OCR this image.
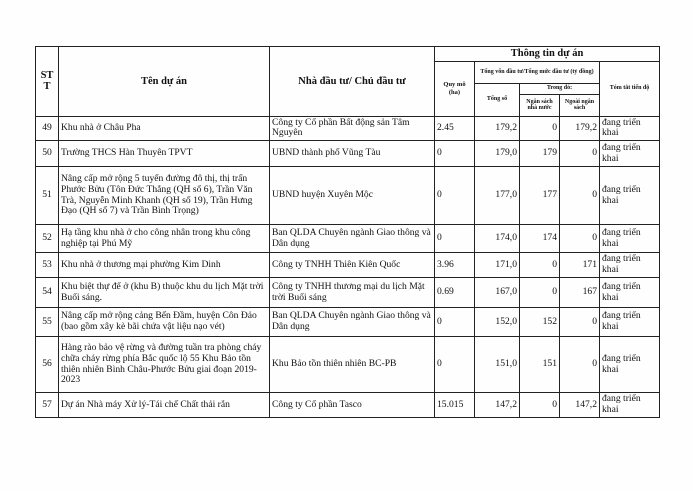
ST T	Tên dự án	Nhà đầu tư/ Chủ đầu tư	Thông tin dự án				
			Quy mô (ha)	Tổng vốn đầu tư/Tổng mức đầu tư (tỷ đồng)			Tóm tắt tiến độ
				Tổng số	Trong đó:		
					Ngân sách nhà nước	Ngoài ngân sách	
49	Khu nhà ở Châu Pha	Công ty Cổ phần Bất động sản Tâm Nguyên	2.45	179,2	0	179,2	đang triển khai
50	Trường THCS Hàn Thuyên TPVT	UBND thành phố Vũng Tàu	0	179,0	179	0	đang triển khai
51	Nâng cấp mở rộng 5 tuyến đường đô thị, thị trấn Phước Bửu (Tôn Đức Thắng (QH số 6), Trần Văn Trà, Nguyễn Minh Khanh (QH số 19), Trần Hưng Đạo (QH số 7) và Trần Bình Trọng)	UBND huyện Xuyên Mộc	0	177,0	177	0	đang triển khai
52	Hạ tầng khu nhà ở cho công nhân trong khu công nghiệp tại Phú Mỹ	Ban QLDA Chuyên ngành Giao thông và Dân dụng	0	174,0	174	0	đang triển khai
53	Khu nhà ở thương mại phường Kim Dinh	Công ty TNHH Thiên Kiên Quốc	3.96	171,0	0	171	đang triển khai
54	Khu biệt thự để ở (khu B) thuộc khu du lịch Mặt trời Buổi sáng.	Công ty TNHH thương mại du lịch Mặt trời Buổi sáng	0.69	167,0	0	167	đang triển khai
55	Nâng cấp mở rộng cảng Bến Đầm, huyện Côn Đảo (bao gồm xây kè bãi chứa vật liệu nạo vét)	Ban QLDA Chuyên ngành Giao thông và Dân dụng	0	152,0	152	0	đang triển khai
56	Hàng rào bảo vệ rừng và đường tuần tra phòng cháy chữa cháy rừng phía Bắc quốc lộ 55 Khu Bảo tồn thiên nhiên Bình Châu-Phước Bửu giai đoạn 2019-2023	Khu Bảo tồn thiên nhiên BC-PB	0	151,0	151	0	đang triển khai
57	Dự án Nhà máy Xử lý-Tái chế Chất thải rắn	Công ty Cổ phần Tasco	15.015	147,2	0	147,2	đang triển khai
